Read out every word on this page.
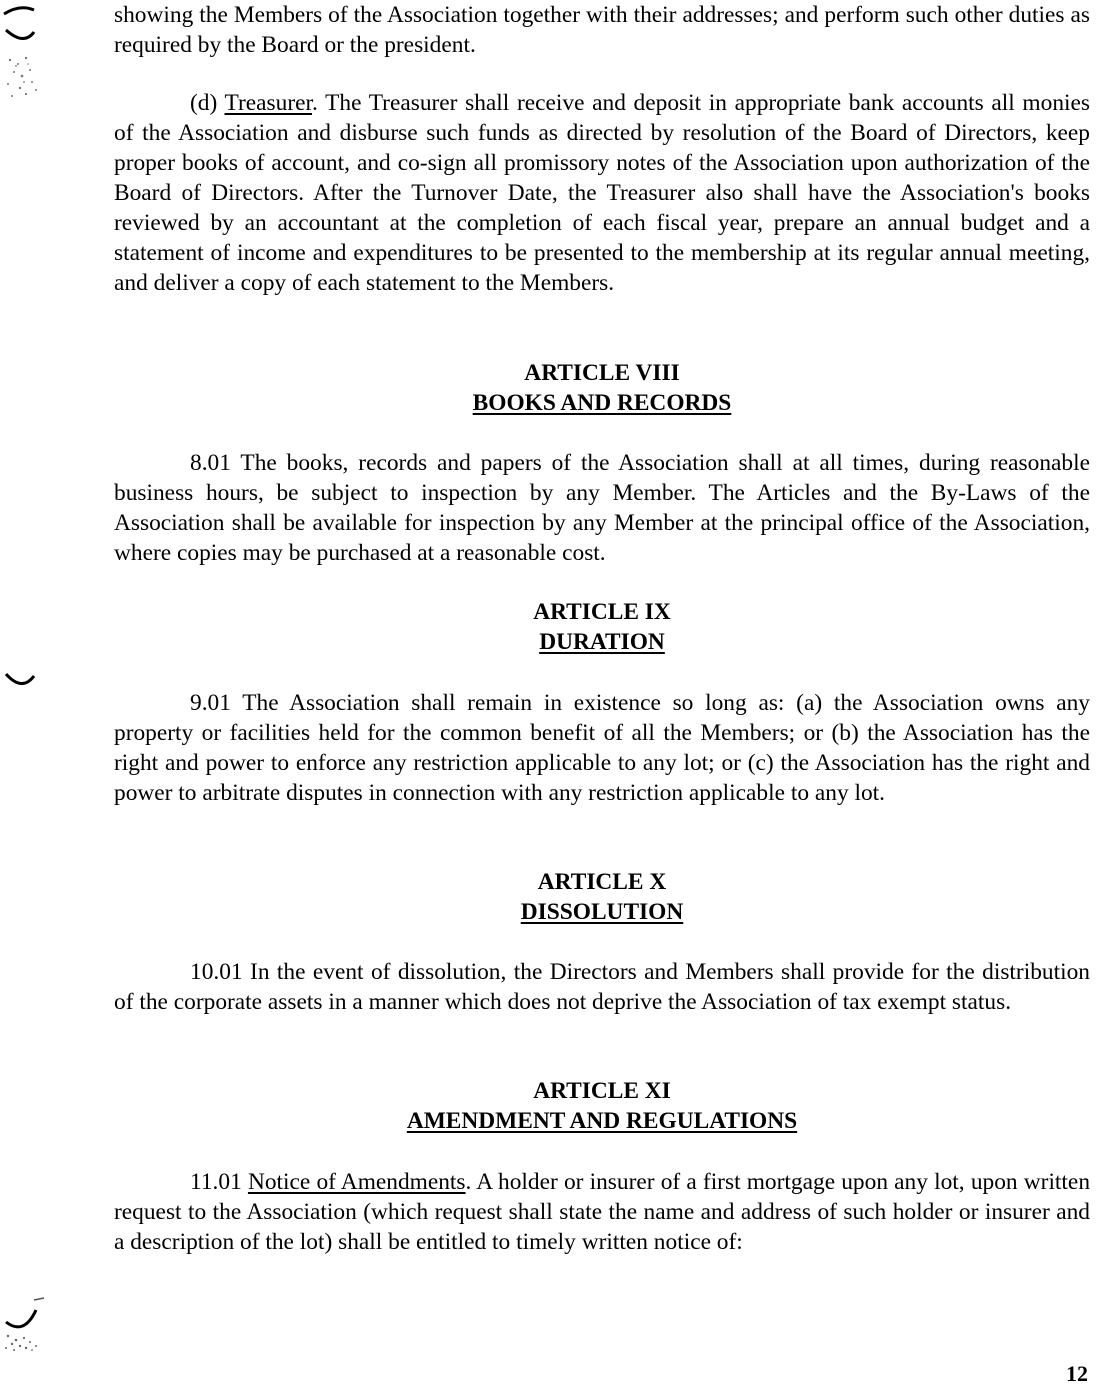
showing the Members of the Association together with their addresses; and perform such other duties as required by the Board or the president.

(d) Treasurer. The Treasurer shall receive and deposit in appropriate bank accounts all monies of the Association and disburse such funds as directed by resolution of the Board of Directors, keep proper books of account, and co-sign all promissory notes of the Association upon authorization of the Board of Directors. After the Turnover Date, the Treasurer also shall have the Association's books reviewed by an accountant at the completion of each fiscal year, prepare an annual budget and a statement of income and expenditures to be presented to the membership at its regular annual meeting, and deliver a copy of each statement to the Members.

ARTICLE VIII
BOOKS AND RECORDS

8.01 The books, records and papers of the Association shall at all times, during reasonable business hours, be subject to inspection by any Member. The Articles and the By-Laws of the Association shall be available for inspection by any Member at the principal office of the Association, where copies may be purchased at a reasonable cost.

ARTICLE IX
DURATION

9.01 The Association shall remain in existence so long as: (a) the Association owns any property or facilities held for the common benefit of all the Members; or (b) the Association has the right and power to enforce any restriction applicable to any lot; or (c) the Association has the right and power to arbitrate disputes in connection with any restriction applicable to any lot.

ARTICLE X
DISSOLUTION

10.01 In the event of dissolution, the Directors and Members shall provide for the distribution of the corporate assets in a manner which does not deprive the Association of tax exempt status.

ARTICLE XI
AMENDMENT AND REGULATIONS

11.01 Notice of Amendments. A holder or insurer of a first mortgage upon any lot, upon written request to the Association (which request shall state the name and address of such holder or insurer and a description of the lot) shall be entitled to timely written notice of:

12
